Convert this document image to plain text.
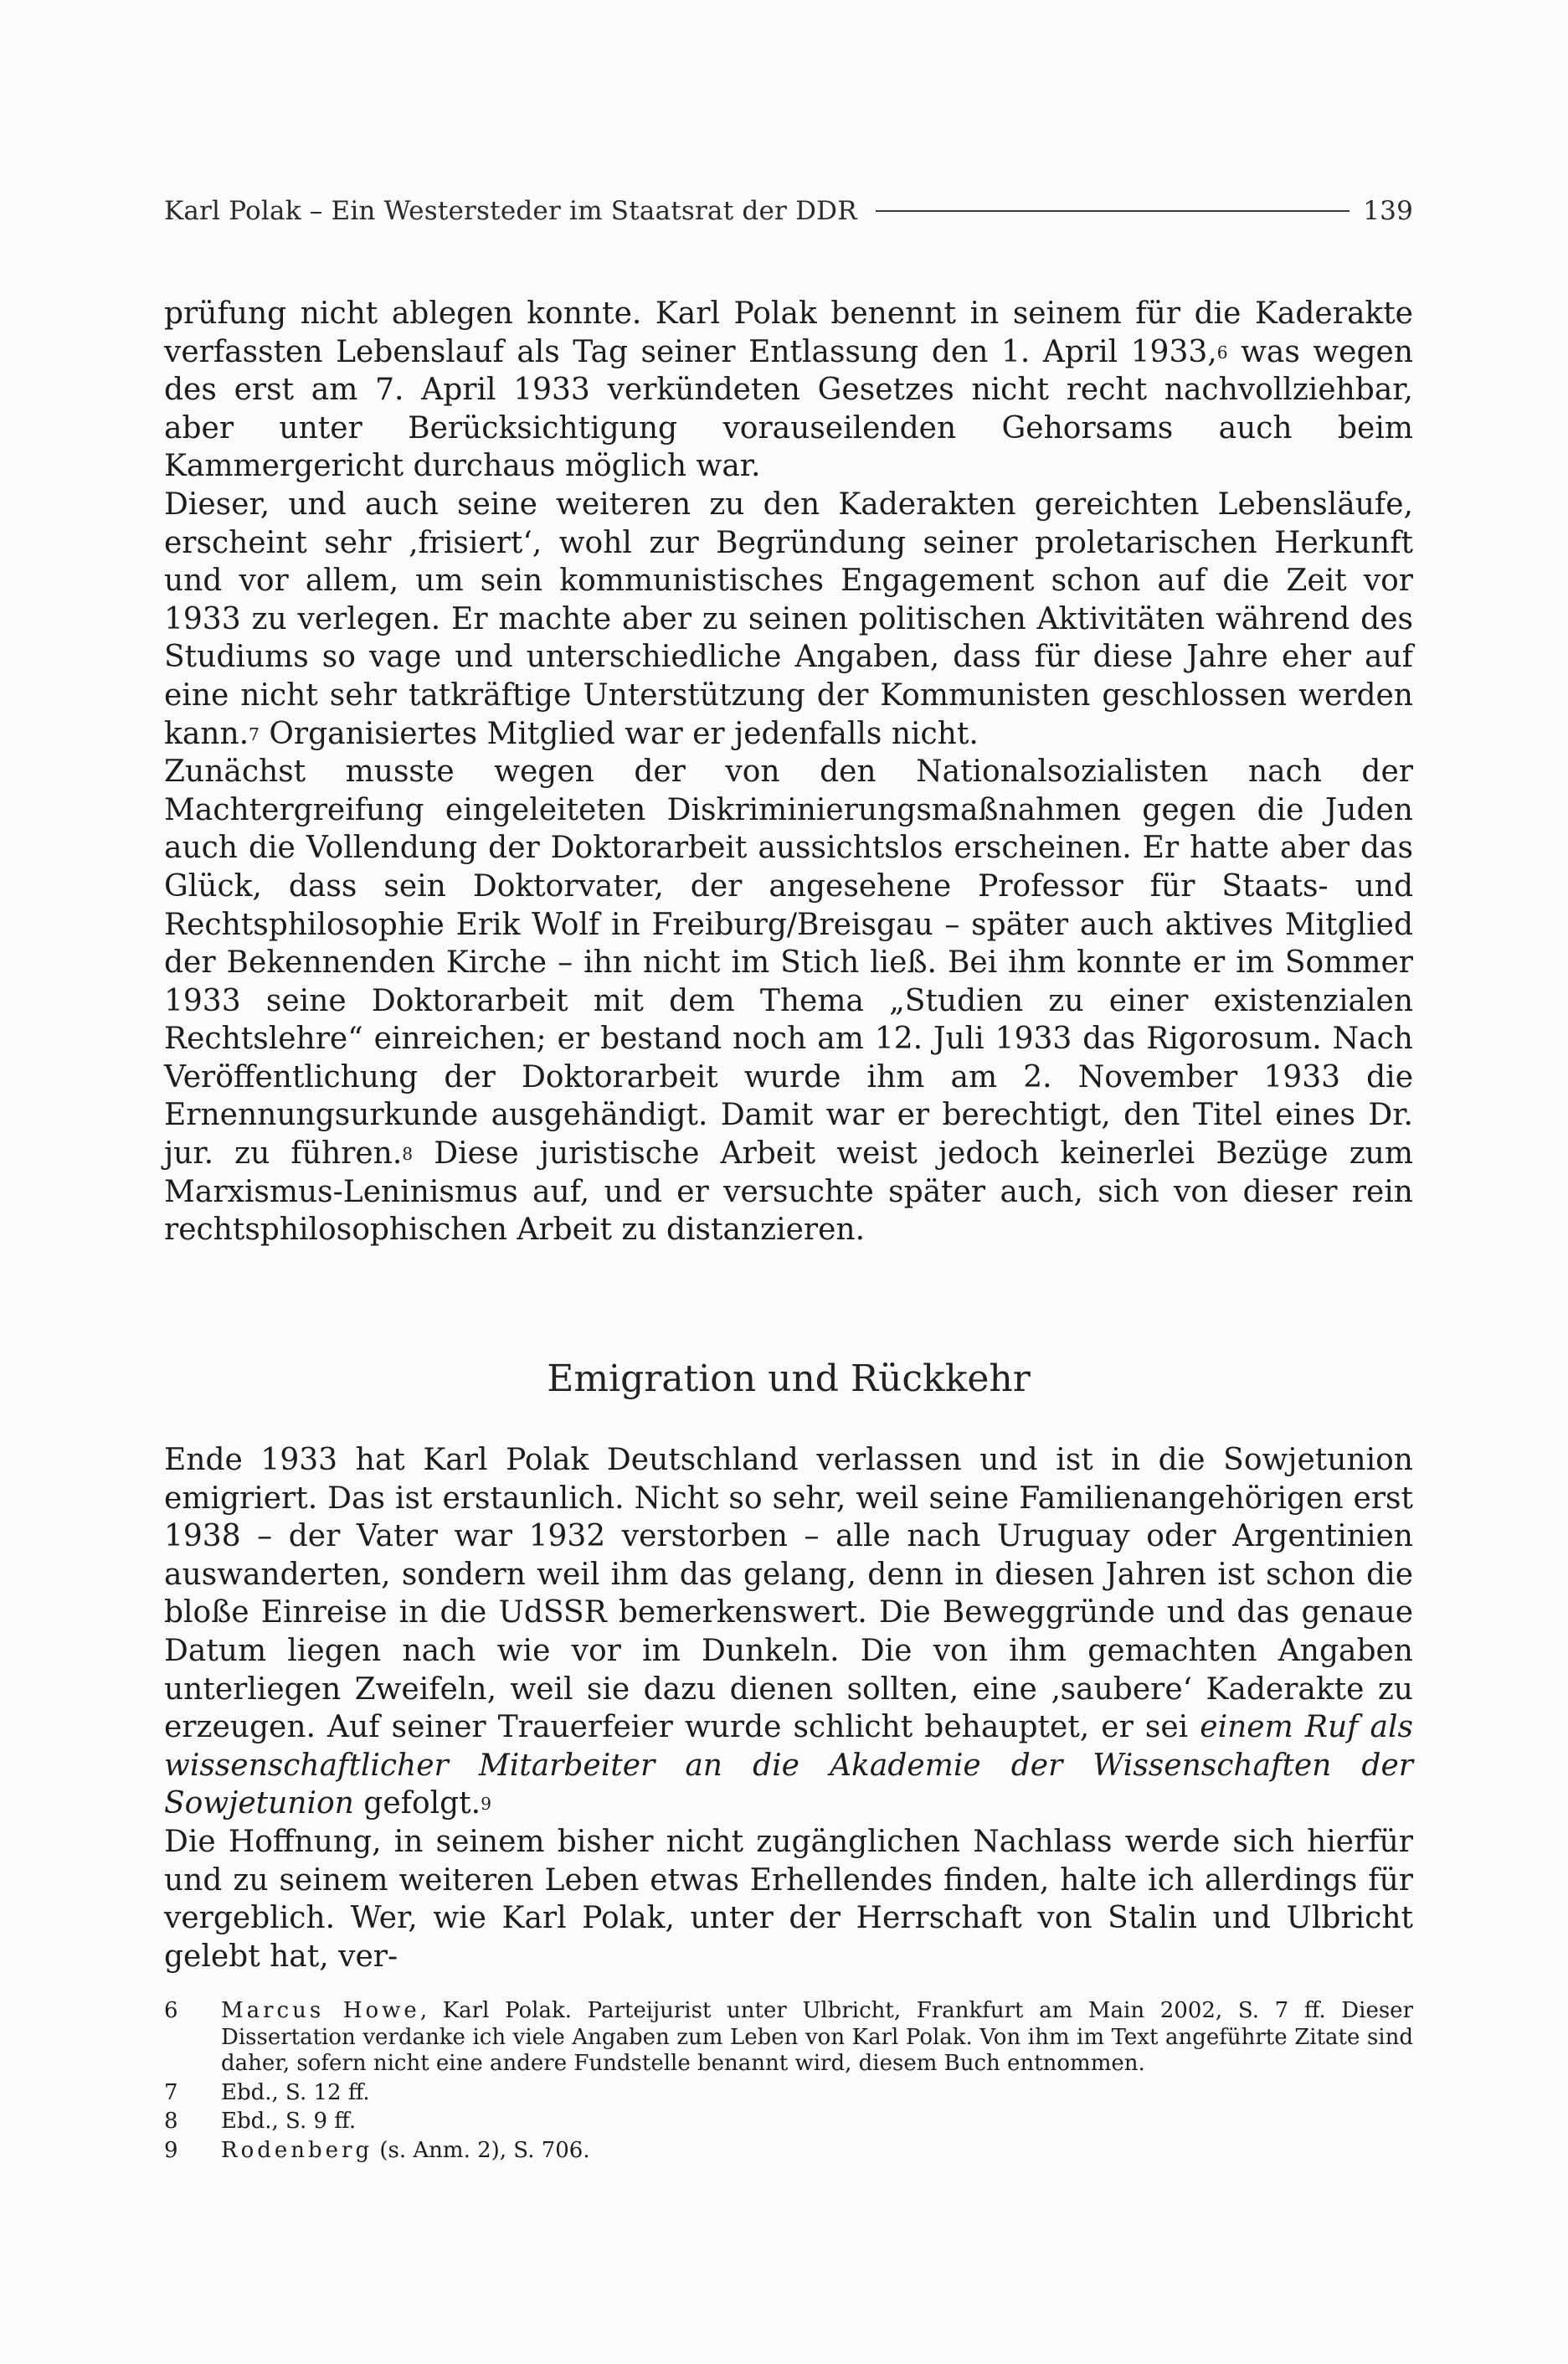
Karl Polak – Ein Westersteder im Staatsrat der DDR	139

prüfung nicht ablegen konnte. Karl Polak benennt in seinem für die Kaderakte verfassten Lebenslauf als Tag seiner Entlassung den 1. April 1933,$^6$ was wegen des erst am 7. April 1933 verkündeten Gesetzes nicht recht nachvollziehbar, aber unter Berücksichtigung vorauseilenden Gehorsams auch beim Kammergericht durchaus möglich war.

Dieser, und auch seine weiteren zu den Kaderakten gereichten Lebensläufe, erscheint sehr ‚frisiert‘, wohl zur Begründung seiner proletarischen Herkunft und vor allem, um sein kommunistisches Engagement schon auf die Zeit vor 1933 zu verlegen. Er machte aber zu seinen politischen Aktivitäten während des Studiums so vage und unterschiedliche Angaben, dass für diese Jahre eher auf eine nicht sehr tatkräftige Unterstützung der Kommunisten geschlossen werden kann.$^7$ Organisiertes Mitglied war er jedenfalls nicht.

Zunächst musste wegen der von den Nationalsozialisten nach der Machtergreifung eingeleiteten Diskriminierungsmaßnahmen gegen die Juden auch die Vollendung der Doktorarbeit aussichtslos erscheinen. Er hatte aber das Glück, dass sein Doktorvater, der angesehene Professor für Staats- und Rechtsphilosophie Erik Wolf in Freiburg/Breisgau – später auch aktives Mitglied der Bekennenden Kirche – ihn nicht im Stich ließ. Bei ihm konnte er im Sommer 1933 seine Doktorarbeit mit dem Thema „Studien zu einer existenzialen Rechtslehre“ einreichen; er bestand noch am 12. Juli 1933 das Rigorosum. Nach Veröffentlichung der Doktorarbeit wurde ihm am 2. November 1933 die Ernennungsurkunde ausgehändigt. Damit war er berechtigt, den Titel eines Dr. jur. zu führen.$^8$ Diese juristische Arbeit weist jedoch keinerlei Bezüge zum Marxismus-Leninismus auf, und er versuchte später auch, sich von dieser rein rechtsphilosophischen Arbeit zu distanzieren.

Emigration und Rückkehr

Ende 1933 hat Karl Polak Deutschland verlassen und ist in die Sowjetunion emigriert. Das ist erstaunlich. Nicht so sehr, weil seine Familienangehörigen erst 1938 – der Vater war 1932 verstorben – alle nach Uruguay oder Argentinien auswanderten, sondern weil ihm das gelang, denn in diesen Jahren ist schon die bloße Einreise in die UdSSR bemerkenswert. Die Beweggründe und das genaue Datum liegen nach wie vor im Dunkeln. Die von ihm gemachten Angaben unterliegen Zweifeln, weil sie dazu dienen sollten, eine ‚saubere‘ Kaderakte zu erzeugen. Auf seiner Trauerfeier wurde schlicht behauptet, er sei einem Ruf als wissenschaftlicher Mitarbeiter an die Akademie der Wissenschaften der Sowjetunion gefolgt.$^9$

Die Hoffnung, in seinem bisher nicht zugänglichen Nachlass werde sich hierfür und zu seinem weiteren Leben etwas Erhellendes finden, halte ich allerdings für vergeblich. Wer, wie Karl Polak, unter der Herrschaft von Stalin und Ulbricht gelebt hat, ver-

6	Marcus Howe, Karl Polak. Parteijurist unter Ulbricht, Frankfurt am Main 2002, S. 7 ff. Dieser Dissertation verdanke ich viele Angaben zum Leben von Karl Polak. Von ihm im Text angeführte Zitate sind daher, sofern nicht eine andere Fundstelle benannt wird, diesem Buch entnommen.
7	Ebd., S. 12 ff.
8	Ebd., S. 9 ff.
9	Rodenberg (s. Anm. 2), S. 706.
